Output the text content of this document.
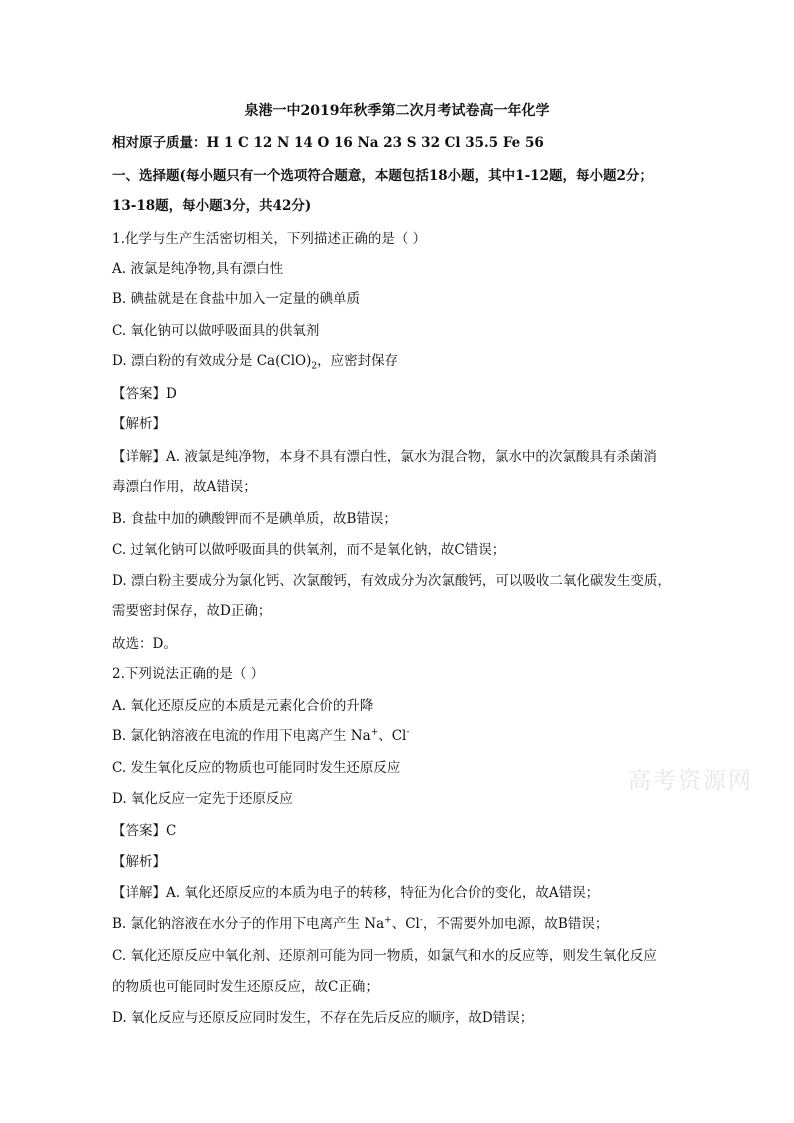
泉港一中2019年秋季第二次月考试卷高一年化学
相对原子质量：H 1 C 12 N 14 O 16 Na 23 S 32 Cl 35.5 Fe 56
一、选择题(每小题只有一个选项符合题意，本题包括18小题，其中1-12题，每小题2分；
13-18题，每小题3分，共42分)
1.化学与生产生活密切相关，下列描述正确的是（ ）
A. 液氯是纯净物,具有漂白性
B. 碘盐就是在食盐中加入一定量的碘单质
C. 氧化钠可以做呼吸面具的供氧剂
D. 漂白粉的有效成分是 $Ca(ClO)_2$，应密封保存
【答案】D
【解析】
【详解】A. 液氯是纯净物，本身不具有漂白性，氯水为混合物，氯水中的次氯酸具有杀菌消
毒漂白作用，故A错误；
B. 食盐中加的碘酸钾而不是碘单质，故B错误；
C. 过氧化钠可以做呼吸面具的供氧剂，而不是氧化钠，故C错误；
D. 漂白粉主要成分为氯化钙、次氯酸钙，有效成分为次氯酸钙，可以吸收二氧化碳发生变质，
需要密封保存，故D正确；
故选：D。
2.下列说法正确的是（ ）
A. 氧化还原反应的本质是元素化合价的升降
B. 氯化钠溶液在电流的作用下电离产生 Na+、Cl-
C. 发生氧化反应的物质也可能同时发生还原反应
D. 氧化反应一定先于还原反应
【答案】C
【解析】
【详解】A. 氧化还原反应的本质为电子的转移，特征为化合价的变化，故A错误；
B. 氯化钠溶液在水分子的作用下电离产生 Na+、Cl-，不需要外加电源，故B错误；
C. 氧化还原反应中氧化剂、还原剂可能为同一物质，如氯气和水的反应等，则发生氧化反应
的物质也可能同时发生还原反应，故C正确；
D. 氧化反应与还原反应同时发生，不存在先后反应的顺序，故D错误；
高考资源网
